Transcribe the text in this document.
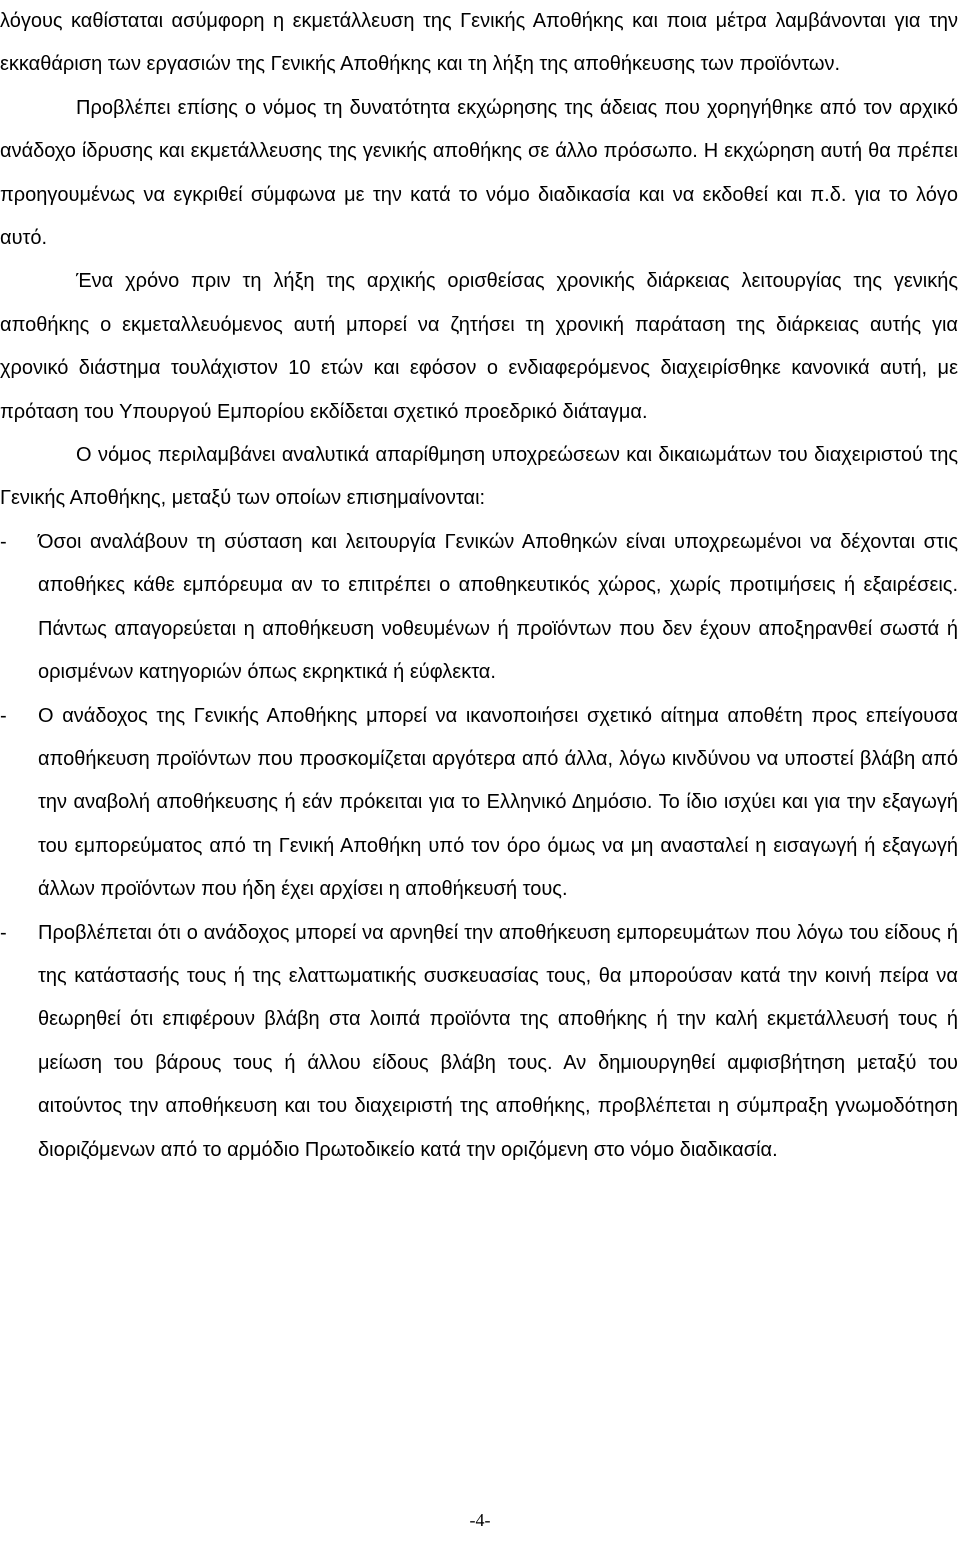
λόγους καθίσταται ασύμφορη η εκμετάλλευση της Γενικής Αποθήκης και ποια μέτρα λαμβάνονται για την εκκαθάριση των εργασιών της Γενικής Αποθήκης και τη λήξη της αποθήκευσης των προϊόντων.

Προβλέπει επίσης ο νόμος τη δυνατότητα εκχώρησης της άδειας που χορηγήθηκε από τον αρχικό ανάδοχο ίδρυσης και εκμετάλλευσης της γενικής αποθήκης σε άλλο πρόσωπο. Η εκχώρηση αυτή θα πρέπει προηγουμένως να εγκριθεί σύμφωνα με την κατά το νόμο διαδικασία και να εκδοθεί και π.δ. για το λόγο αυτό.

Ένα χρόνο πριν τη λήξη της αρχικής ορισθείσας χρονικής διάρκειας λειτουργίας της γενικής αποθήκης ο εκμεταλλευόμενος αυτή μπορεί να ζητήσει τη χρονική παράταση της διάρκειας αυτής για χρονικό διάστημα τουλάχιστον 10 ετών και εφόσον ο ενδιαφερόμενος διαχειρίσθηκε κανονικά αυτή, με πρόταση του Υπουργού Εμπορίου εκδίδεται σχετικό προεδρικό διάταγμα.

Ο νόμος περιλαμβάνει αναλυτικά απαρίθμηση υποχρεώσεων και δικαιωμάτων του διαχειριστού της Γενικής Αποθήκης, μεταξύ των οποίων επισημαίνονται:

- Όσοι αναλάβουν τη σύσταση και λειτουργία Γενικών Αποθηκών είναι υποχρεωμένοι να δέχονται στις αποθήκες κάθε εμπόρευμα αν το επιτρέπει ο αποθηκευτικός χώρος, χωρίς προτιμήσεις ή εξαιρέσεις. Πάντως απαγορεύεται η αποθήκευση νοθευμένων ή προϊόντων που δεν έχουν αποξηρανθεί σωστά ή ορισμένων κατηγοριών όπως εκρηκτικά ή εύφλεκτα.
- Ο ανάδοχος της Γενικής Αποθήκης μπορεί να ικανοποιήσει σχετικό αίτημα αποθέτη προς επείγουσα αποθήκευση προϊόντων που προσκομίζεται αργότερα από άλλα, λόγω κινδύνου να υποστεί βλάβη από την αναβολή αποθήκευσης ή εάν πρόκειται για το Ελληνικό Δημόσιο. Το ίδιο ισχύει και για την εξαγωγή του εμπορεύματος από τη Γενική Αποθήκη υπό τον όρο όμως να μη ανασταλεί η εισαγωγή ή εξαγωγή άλλων προϊόντων που ήδη έχει αρχίσει η αποθήκευσή τους.
- Προβλέπεται ότι ο ανάδοχος μπορεί να αρνηθεί την αποθήκευση εμπορευμάτων που λόγω του είδους ή της κατάστασής τους ή της ελαττωματικής συσκευασίας τους, θα μπορούσαν κατά την κοινή πείρα να θεωρηθεί ότι επιφέρουν βλάβη στα λοιπά προϊόντα της αποθήκης ή την καλή εκμετάλλευσή τους ή μείωση του βάρους τους ή άλλου είδους βλάβη τους. Αν δημιουργηθεί αμφισβήτηση μεταξύ του αιτούντος την αποθήκευση και του διαχειριστή της αποθήκης, προβλέπεται η σύμπραξη γνωμοδότηση διοριζόμενων από το αρμόδιο Πρωτοδικείο κατά την οριζόμενη στο νόμο διαδικασία.
-4-
